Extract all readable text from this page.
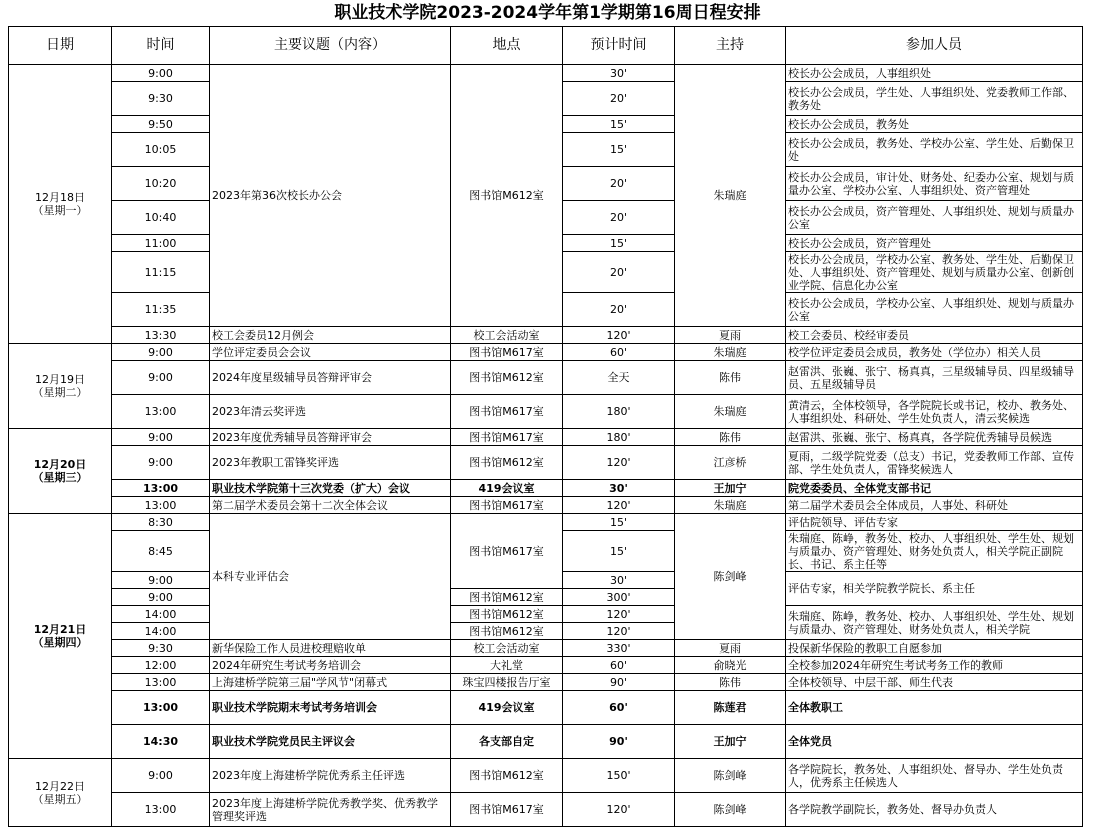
职业技术学院2023-2024学年第1学期第16周日程安排
日期	时间	主要议题（内容）	地点	预计时间	主持	参加人员
12月18日
（星期一）	9:00	2023年第36次校长办公会	图书馆M612室	30'	朱瑞庭	校长办公会成员，人事组织处
	9:30			20'		校长办公会成员，学生处、人事组织处、党委教师工作部、教务处
	9:50			15'		校长办公会成员，教务处
	10:05			15'		校长办公会成员，教务处、学校办公室、学生处、后勤保卫处
	10:20			20'		校长办公会成员，审计处、财务处、纪委办公室、规划与质量办公室、学校办公室、人事组织处、资产管理处
	10:40			20'		校长办公会成员，资产管理处、人事组织处、规划与质量办公室
	11:00			15'		校长办公会成员，资产管理处
	11:15			20'		校长办公会成员，学校办公室、教务处、学生处、后勤保卫处、人事组织处、资产管理处、规划与质量办公室、创新创业学院、信息化办公室
	11:35			20'		校长办公会成员，学校办公室、人事组织处、规划与质量办公室
	13:30	校工会委员12月例会	校工会活动室	120'	夏雨	校工会委员、校经审委员
12月19日
（星期二）	9:00	学位评定委员会会议	图书馆M617室	60'	朱瑞庭	校学位评定委员会成员，教务处（学位办）相关人员
	9:00	2024年度星级辅导员答辩评审会	图书馆M612室	全天	陈伟	赵雷洪、张巍、张宁、杨真真，三星级辅导员、四星级辅导员、五星级辅导员
	13:00	2023年清云奖评选	图书馆M617室	180'	朱瑞庭	黄清云，全体校领导，各学院院长或书记，校办、教务处、人事组织处、科研处、学生处负责人，清云奖候选
12月20日
（星期三）	9:00	2023年度优秀辅导员答辩评审会	图书馆M617室	180'	陈伟	赵雷洪、张巍、张宁、杨真真，各学院优秀辅导员候选
	9:00	2023年教职工雷锋奖评选	图书馆M612室	120'	江彦桥	夏雨，二级学院党委（总支）书记，党委教师工作部、宣传部、学生处负责人，雷锋奖候选人
	13:00	职业技术学院第十三次党委（扩大）会议	419会议室	30'	王加宁	院党委委员、全体党支部书记
	13:00	第二届学术委员会第十二次全体会议	图书馆M617室	120'	朱瑞庭	第二届学术委员会全体成员，人事处、科研处
12月21日
（星期四）	8:30	本科专业评估会	图书馆M617室	15'	陈剑峰	评估院领导、评估专家
	8:45			15'		朱瑞庭、陈峥，教务处、校办、人事组织处、学生处、规划与质量办、资产管理处、财务处负责人，相关学院正副院长、书记、系主任等
	9:00			30'		评估专家，相关学院教学院长、系主任
	9:00		图书馆M612室	300'		
	14:00		图书馆M612室	120'		朱瑞庭、陈峥，教务处、校办、人事组织处、学生处、规划与质量办、资产管理处、财务处负责人，相关学院
	14:00		图书馆M612室	120'		
	9:30	新华保险工作人员进校理赔收单	校工会活动室	330'	夏雨	投保新华保险的教职工自愿参加
	12:00	2024年研究生考试考务培训会	大礼堂	60'	俞晓光	全校参加2024年研究生考试考务工作的教师
	13:00	上海建桥学院第三届"学风节"闭幕式	珠宝四楼报告厅室	90'	陈伟	全体校领导、中层干部、师生代表
	13:00	职业技术学院期末考试考务培训会	419会议室	60'	陈莲君	全体教职工
	14:30	职业技术学院党员民主评议会	各支部自定	90'	王加宁	全体党员
12月22日
（星期五）	9:00	2023年度上海建桥学院优秀系主任评选	图书馆M612室	150'	陈剑峰	各学院院长，教务处、人事组织处、督导办、学生处负责人，优秀系主任候选人
	13:00	2023年度上海建桥学院优秀教学奖、优秀教学管理奖评选	图书馆M617室	120'	陈剑峰	各学院教学副院长，教务处、督导办负责人
